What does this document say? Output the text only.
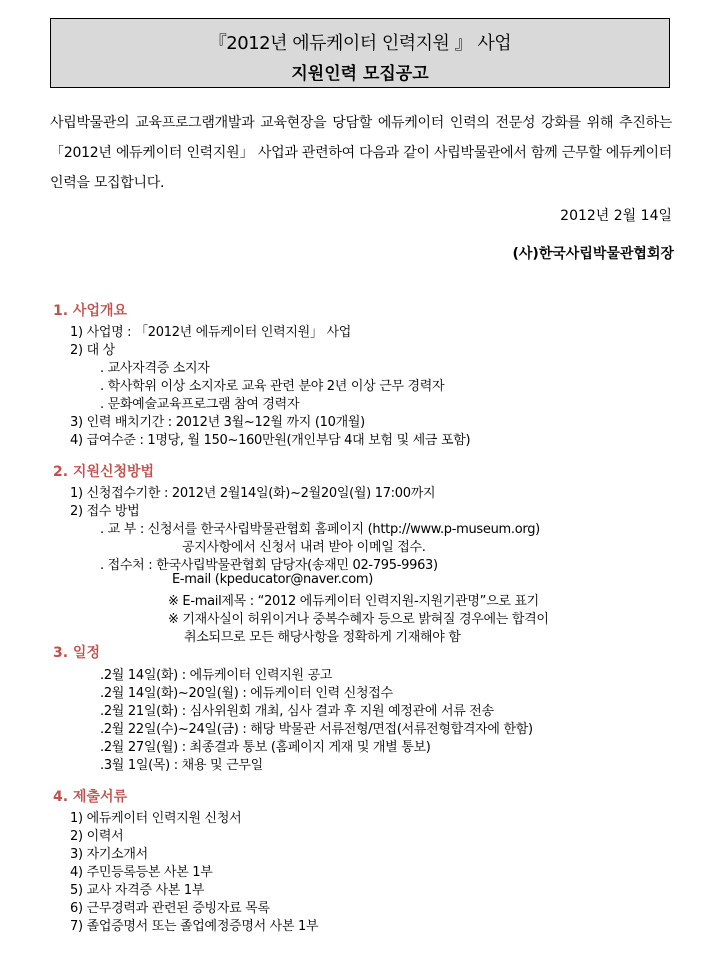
『2012년 에듀케이터 인력지원 』 사업
지원인력 모집공고
사립박물관의 교육프로그램개발과 교육현장을 당담할 에듀케이터 인력의 전문성 강화를 위해 추진하는 「2012년 에듀케이터 인력지원」 사업과 관련하여 다음과 같이 사립박물관에서 함께 근무할 에듀케이터 인력을 모집합니다.
2012년 2월 14일
(사)한국사립박물관협회장
1. 사업개요
1) 사업명 : 「2012년 에듀케이터 인력지원」 사업
2) 대 상
. 교사자격증 소지자
. 학사학위 이상 소지자로 교육 관련 분야 2년 이상 근무 경력자
. 문화예술교육프로그램 참여 경력자
3) 인력 배치기간 : 2012년 3월~12월 까지 (10개월)
4) 급여수준 : 1명당, 월 150~160만원(개인부담 4대 보험 및 세금 포함)
2. 지원신청방법
1) 신청접수기한 : 2012년 2월14일(화)~2월20일(월) 17:00까지
2) 접수 방법
. 교 부 : 신청서를 한국사립박물관협회 홈페이지 (http://www.p-museum.org)
공지사항에서 신청서 내려 받아 이메일 접수.
. 접수처 : 한국사립박물관협회 담당자(송재민 02-795-9963)
E-mail (kpeducator@naver.com)
※ E-mail제목 : “2012 에듀케이터 인력지원-지원기관명”으로 표기
※ 기재사실이 허위이거나 중복수혜자 등으로 밝혀질 경우에는 합격이
취소되므로 모든 해당사항을 정확하게 기재해야 함
3. 일정
.2월 14일(화) : 에듀케이터 인력지원 공고
.2월 14일(화)~20일(월) : 에듀케이터 인력 신청접수
.2월 21일(화) : 심사위원회 개최, 심사 결과 후 지원 예정관에 서류 전송
.2월 22일(수)~24일(금) : 해당 박물관 서류전형/면접(서류전형합격자에 한함)
.2월 27일(월) : 최종결과 통보 (홈페이지 게재 및 개별 통보)
.3월 1일(목) : 채용 및 근무일
4. 제출서류
1) 에듀케이터 인력지원 신청서
2) 이력서
3) 자기소개서
4) 주민등록등본 사본 1부
5) 교사 자격증 사본 1부
6) 근무경력과 관련된 증빙자료 목록
7) 졸업증명서 또는 졸업예정증명서 사본 1부
